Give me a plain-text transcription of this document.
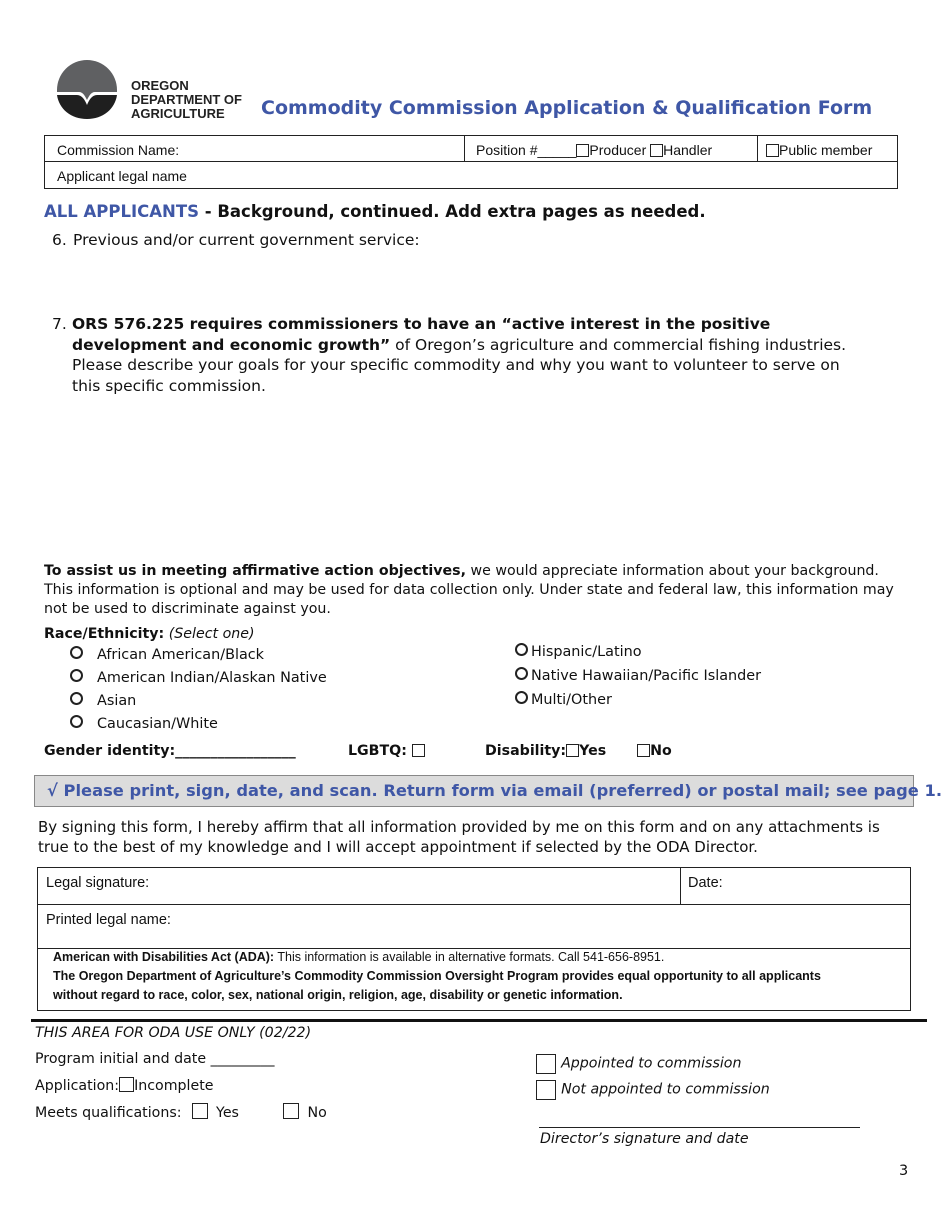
OREGON
DEPARTMENT OF
AGRICULTURE	Commodity Commission Application & Qualification Form
Commission Name:	Position #_____ Producer Handler	Public member
Applicant legal name
ALL APPLICANTS - Background, continued. Add extra pages as needed.
6. Previous and/or current government service:
7. ORS 576.225 requires commissioners to have an “active interest in the positive development and economic growth” of Oregon’s agriculture and commercial fishing industries. Please describe your goals for your specific commodity and why you want to volunteer to serve on this specific commission.
To assist us in meeting affirmative action objectives, we would appreciate information about your background. This information is optional and may be used for data collection only. Under state and federal law, this information may not be used to discriminate against you.
Race/Ethnicity: (Select one)
African American/Black
American Indian/Alaskan Native
Asian
Caucasian/White
Hispanic/Latino
Native Hawaiian/Pacific Islander
Multi/Other
Gender identity:_________________	LGBTQ:	Disability: Yes	No
√ Please print, sign, date, and scan. Return form via email (preferred) or postal mail; see page 1.
By signing this form, I hereby affirm that all information provided by me on this form and on any attachments is true to the best of my knowledge and I will accept appointment if selected by the ODA Director.
Legal signature:	Date:
Printed legal name:
American with Disabilities Act (ADA): This information is available in alternative formats. Call 541-656-8951.
The Oregon Department of Agriculture’s Commodity Commission Oversight Program provides equal opportunity to all applicants without regard to race, color, sex, national origin, religion, age, disability or genetic information.
THIS AREA FOR ODA USE ONLY (02/22)
Program initial and date _________
Application: Incomplete
Meets qualifications: Yes	No
Appointed to commission
Not appointed to commission
Director’s signature and date
3
